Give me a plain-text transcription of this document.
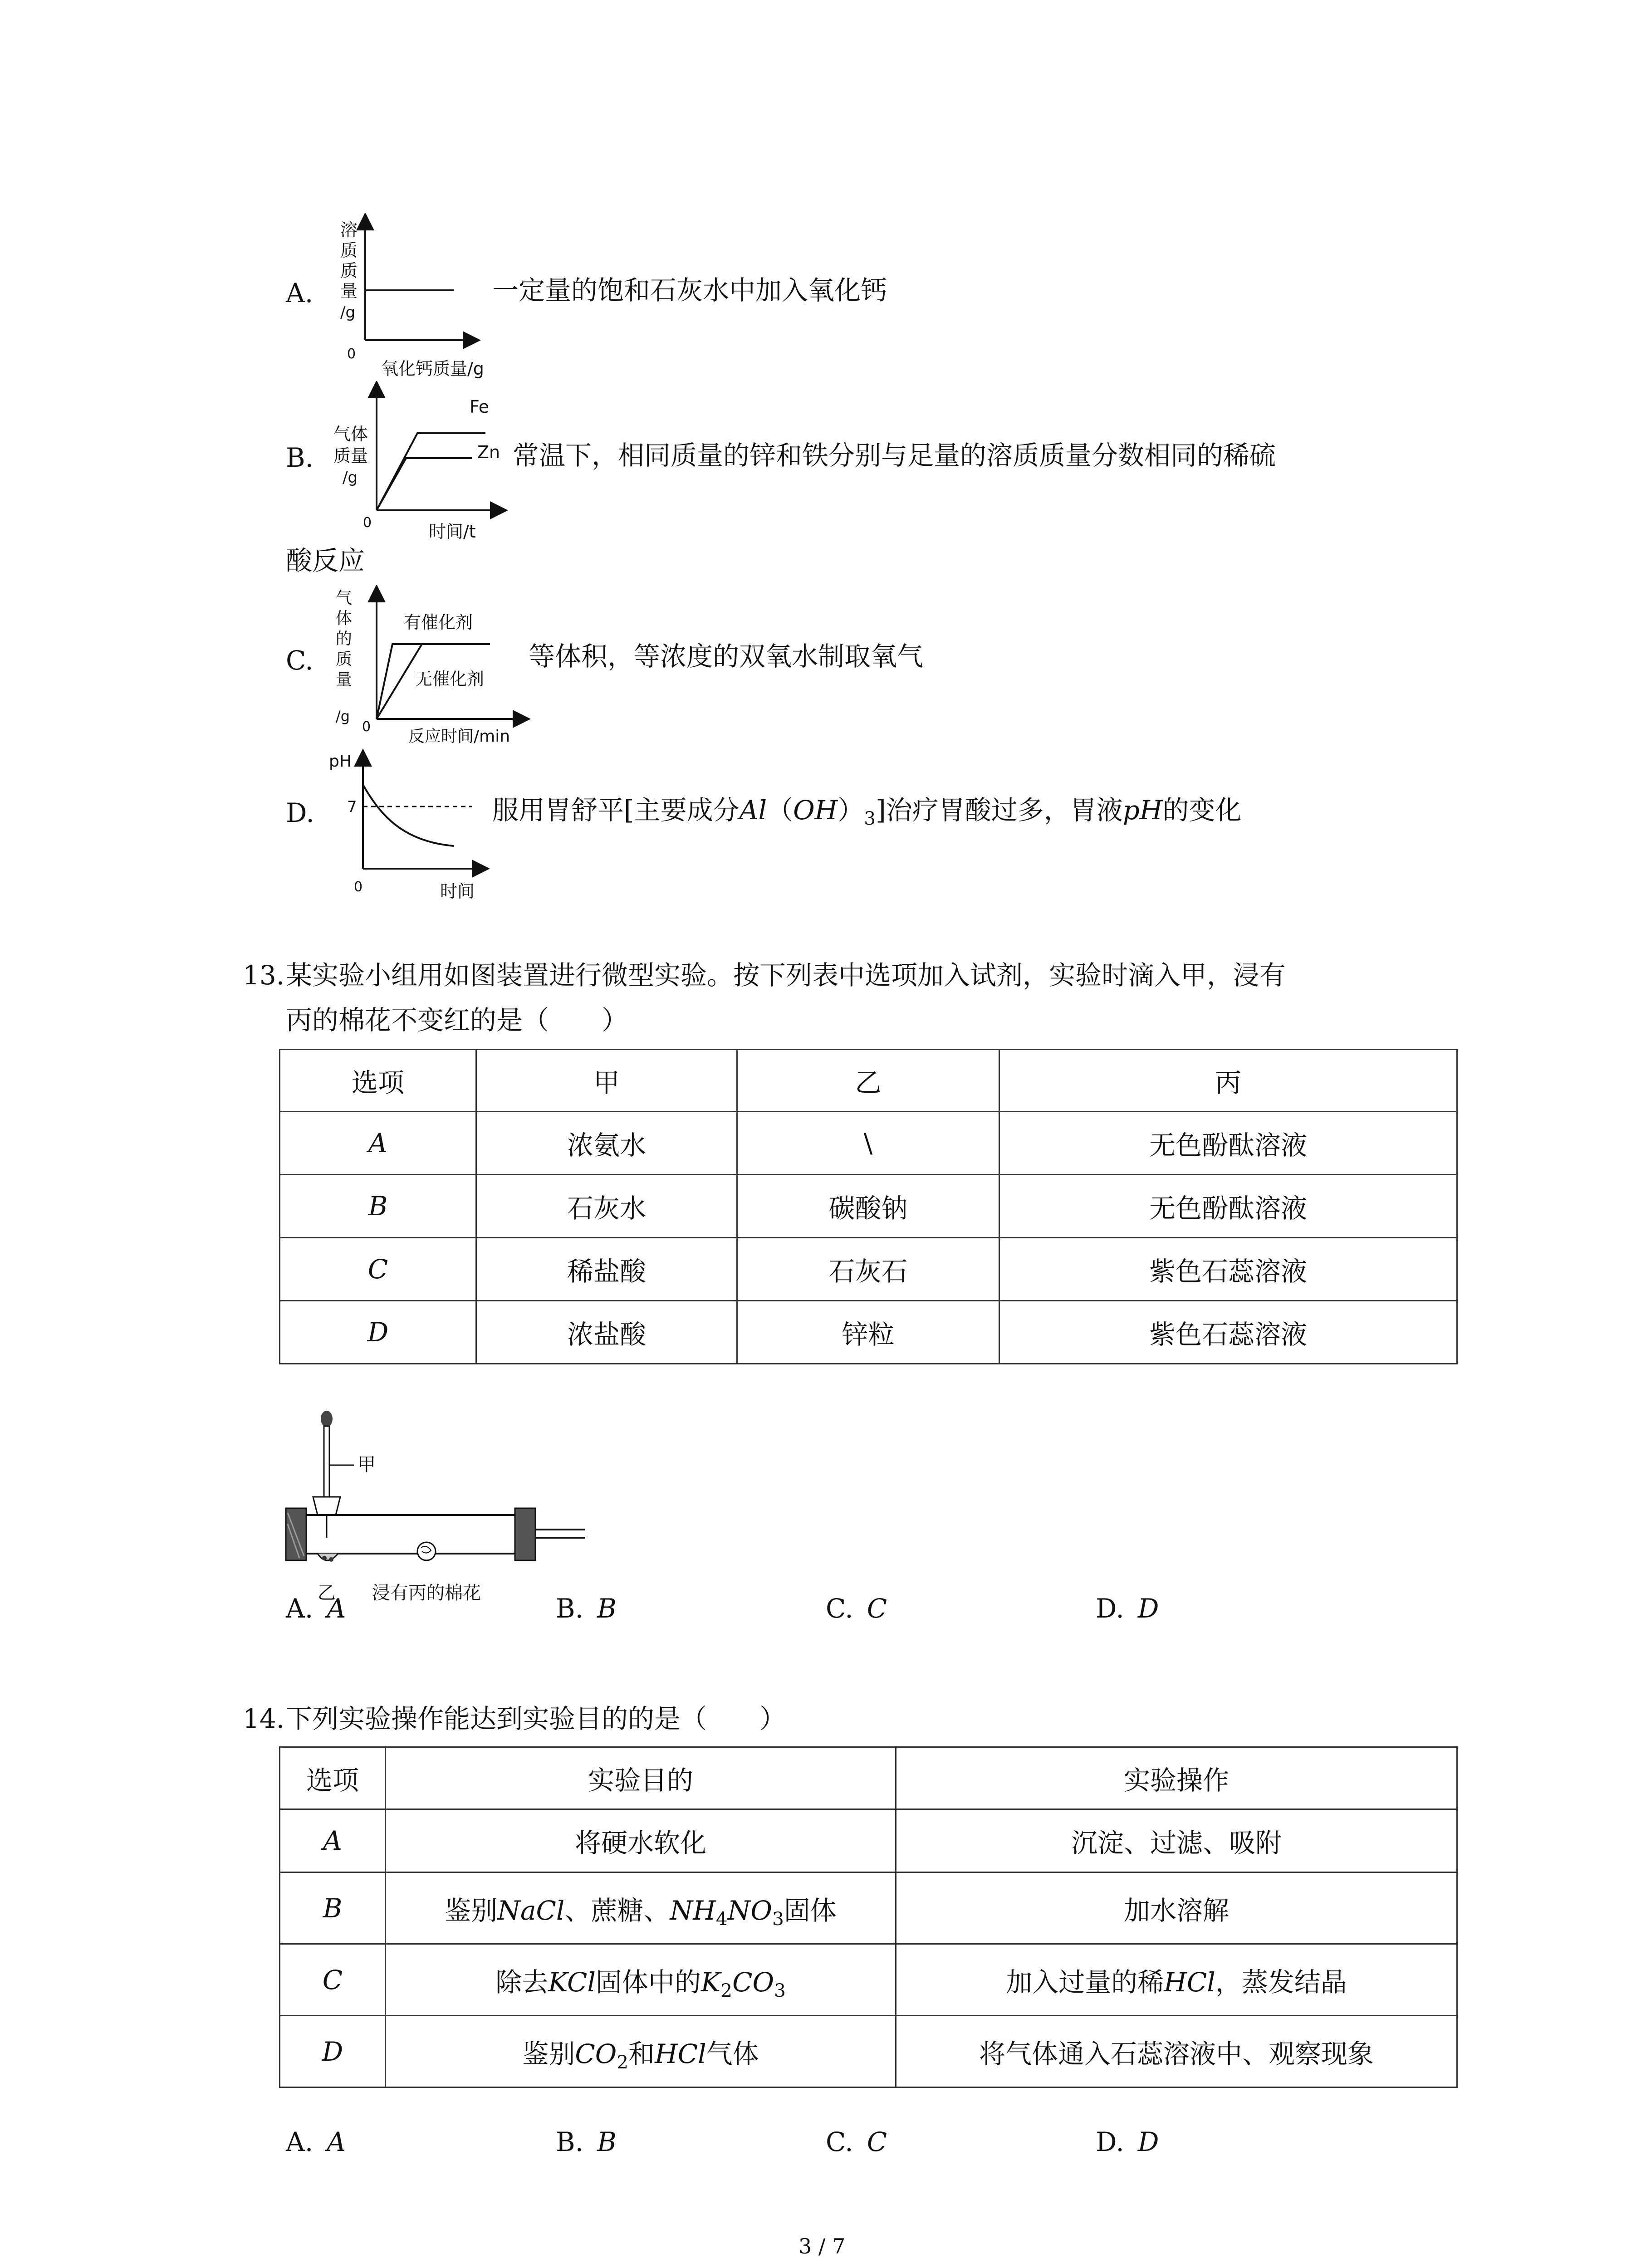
A.
溶
质
质
量
/g
0
氧化钙质量/g
一定量的饱和石灰水中加入氧化钙
B.
Fe
Zn
气体
质量
/g
0	时间/t
常温下，相同质量的锌和铁分别与足量的溶质质量分数相同的稀硫
酸反应
C.
有催化剂
无催化剂
气
体
的
质
量
/g
0
反应时间/min
等体积，等浓度的双氧水制取氧气
D.
pH
7
0	时间
服用胃舒平[主要成分$Al(OH)_3$]治疗胃酸过多，胃液pH的变化
13. 某实验小组用如图装置进行微型实验。按下列表中选项加入试剂，实验时滴入甲，浸有
丙的棉花不变红的是（　　）
选项	甲	乙	丙
A	浓氨水	\	无色酚酞溶液
B	石灰水	碳酸钠	无色酚酞溶液
C	稀盐酸	石灰石	紫色石蕊溶液
D	浓盐酸	锌粒	紫色石蕊溶液
甲
乙 浸有丙的棉花
A. A	B. B	C. C	D. D
14. 下列实验操作能达到实验目的的是（　　）
选项	实验目的	实验操作
A	将硬水软化	沉淀、过滤、吸附
B	鉴别NaCl、蔗糖、$NH_4NO_3$固体	加水溶解
C	除去KCl固体中的$K_2CO_3$	加入过量的稀HCl，蒸发结晶
D	鉴别$CO_2$和HCl气体	将气体通入石蕊溶液中、观察现象
A. A	B. B	C. C	D. D
3 / 7
